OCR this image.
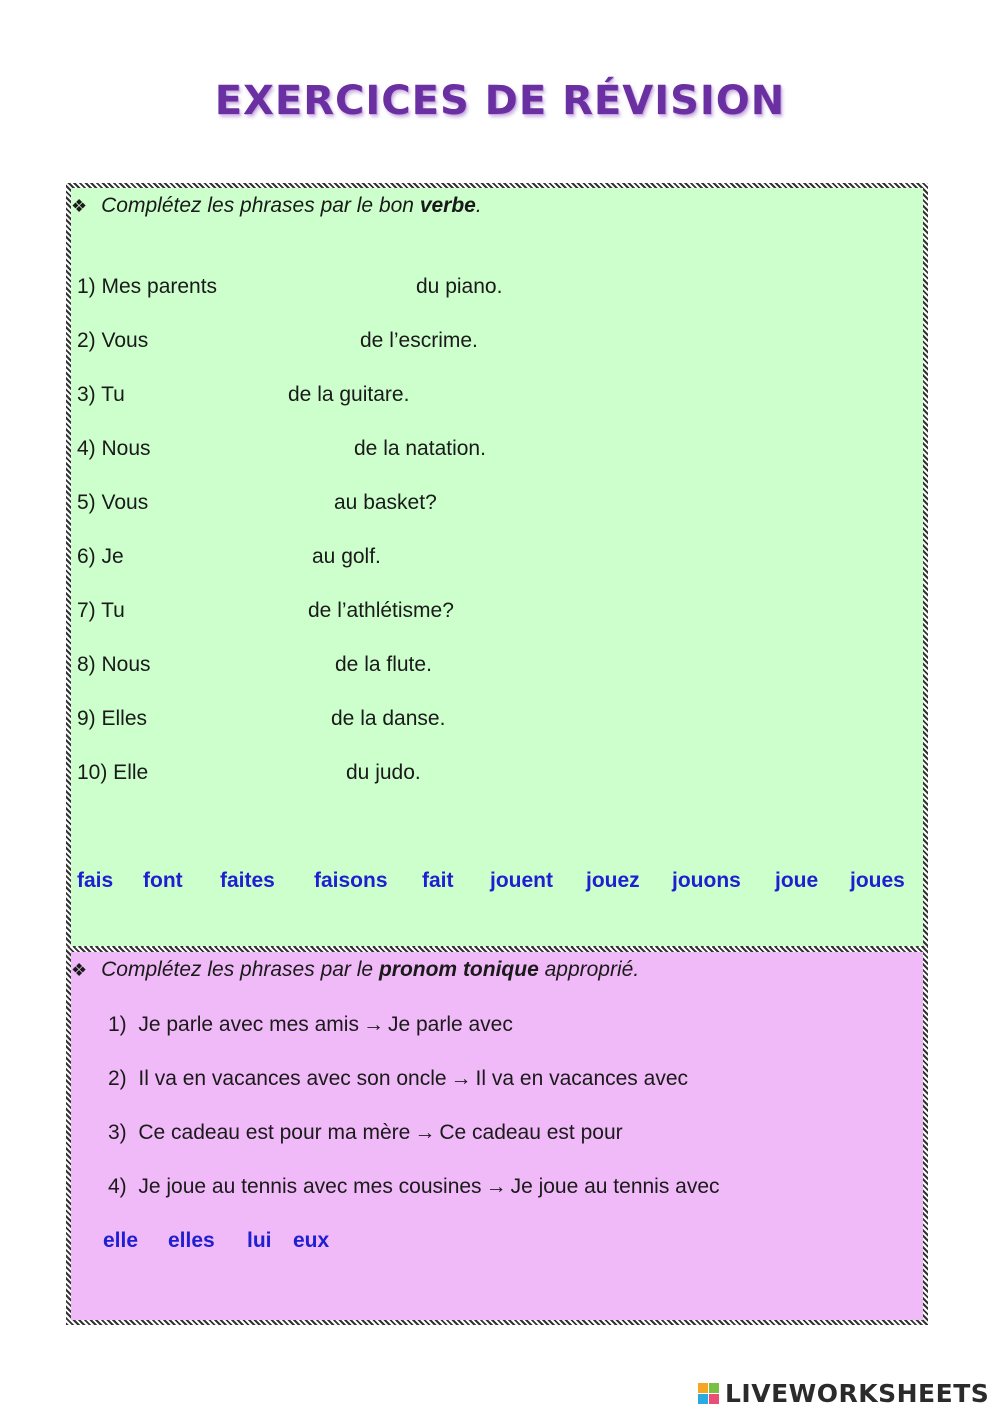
EXERCICES DE RÉVISION
❖ Complétez les phrases par le bon verbe.
1) Mes parents	du piano.
2) Vous	de l’escrime.
3) Tu	de la guitare.
4) Nous	de la natation.
5) Vous	au basket?
6) Je	au golf.
7) Tu	de l’athlétisme?
8) Nous	de la flute.
9) Elles	de la danse.
10) Elle	du judo.
fais font faites faisons fait jouent jouez jouons joue joues
❖ Complétez les phrases par le pronom tonique approprié.
1) Je parle avec mes amis → Je parle avec
2) Il va en vacances avec son oncle → Il va en vacances avec
3) Ce cadeau est pour ma mère → Ce cadeau est pour
4) Je joue au tennis avec mes cousines → Je joue au tennis avec
elle elles lui eux
LIVEWORKSHEETS
